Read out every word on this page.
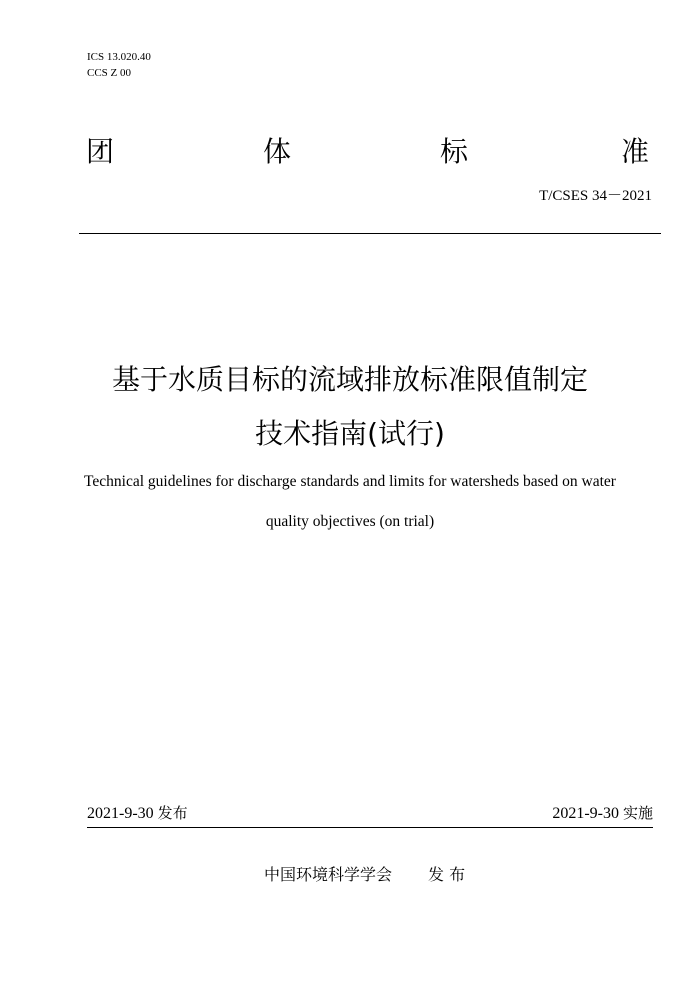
ICS 13.020.40
CCS Z 00
团	体	标	准
T/CSES 34－2021
基于水质目标的流域排放标准限值制定
技术指南(试行)
Technical guidelines for discharge standards and limits for watersheds based on water
quality objectives (on trial)
2021-9-30 发布	2021-9-30 实施
中国环境科学学会 发 布
